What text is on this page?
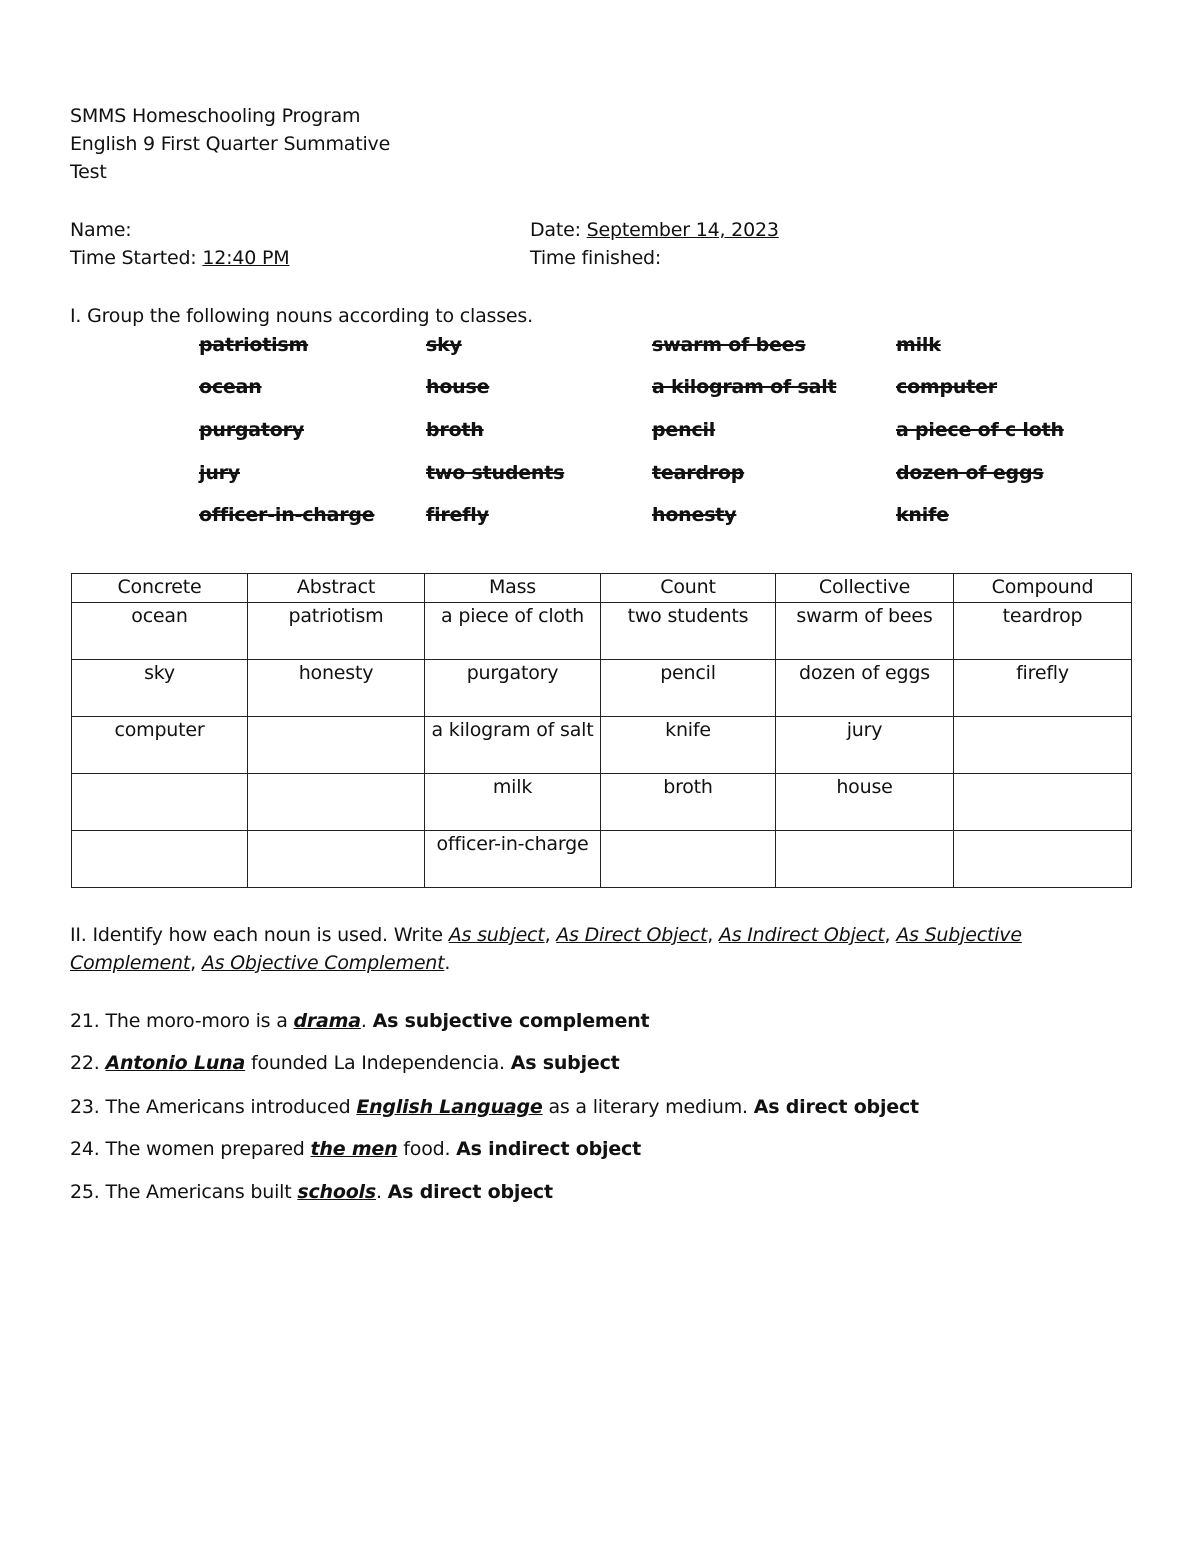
SMMS Homeschooling Program
English 9 First Quarter Summative
Test
Name:	Date: September 14, 2023
Time Started: 12:40 PM	Time finished:
I. Group the following nouns according to classes.
patriotism	sky	swarm of bees	milk
ocean	house	a kilogram of salt	computer
purgatory	broth	pencil	a piece of c loth
jury	two students	teardrop	dozen of eggs
officer-in-charge	firefly	honesty	knife
Concrete	Abstract	Mass	Count	Collective	Compound
ocean	patriotism	a piece of cloth	two students	swarm of bees	teardrop
sky	honesty	purgatory	pencil	dozen of eggs	firefly
computer		a kilogram of salt	knife	jury	
		milk	broth	house	
		officer-in-charge			
II. Identify how each noun is used. Write As subject, As Direct Object, As Indirect Object, As Subjective
Complement, As Objective Complement.
21. The moro-moro is a drama. As subjective complement
22. Antonio Luna founded La Independencia. As subject
23. The Americans introduced English Language as a literary medium. As direct object
24. The women prepared the men food. As indirect object
25. The Americans built schools. As direct object
